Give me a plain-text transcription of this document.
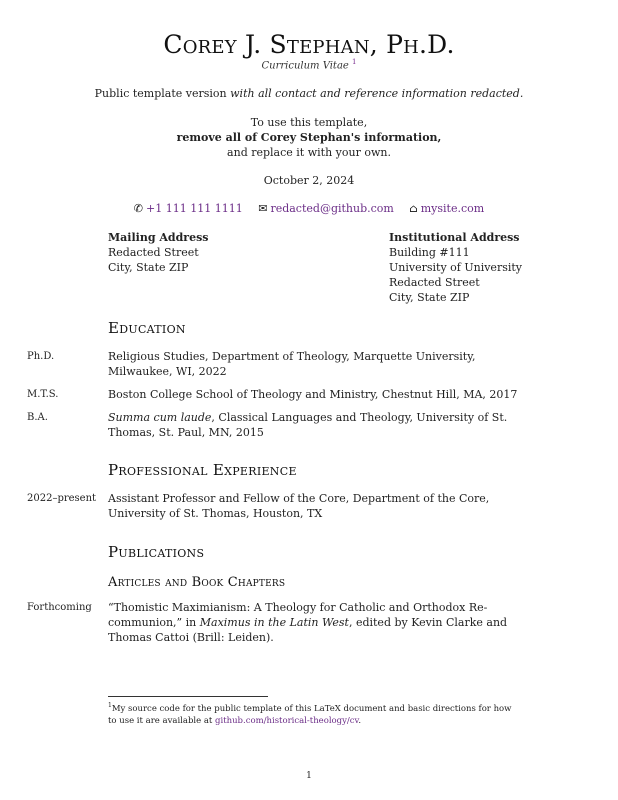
Corey J. Stephan, Ph.D.
Curriculum Vitae $^1$
Public template version with all contact and reference information redacted.
To use this template,
remove all of Corey Stephan's information,
and replace it with your own.
October 2, 2024
✆ +1 111 111 1111 ✉ redacted@github.com ⌂ mysite.com
Mailing Address
Redacted Street
City, State ZIP
Institutional Address
Building #111
University of University
Redacted Street
City, State ZIP
Education
Ph.D.	Religious Studies, Department of Theology, Marquette University, Milwaukee, WI, 2022
M.T.S.	Boston College School of Theology and Ministry, Chestnut Hill, MA, 2017
B.A.	Summa cum laude, Classical Languages and Theology, University of St. Thomas, St. Paul, MN, 2015
Professional Experience
2022–present Assistant Professor and Fellow of the Core, Department of the Core, University of St. Thomas, Houston, TX
Publications
Articles and Book Chapters
Forthcoming “Thomistic Maximianism: A Theology for Catholic and Orthodox Re-communion,” in Maximus in the Latin West, edited by Kevin Clarke and Thomas Cattoi (Brill: Leiden).
$^1$My source code for the public template of this LaTeX document and basic directions for how to use it are available at github.com/historical-theology/cv.
1
